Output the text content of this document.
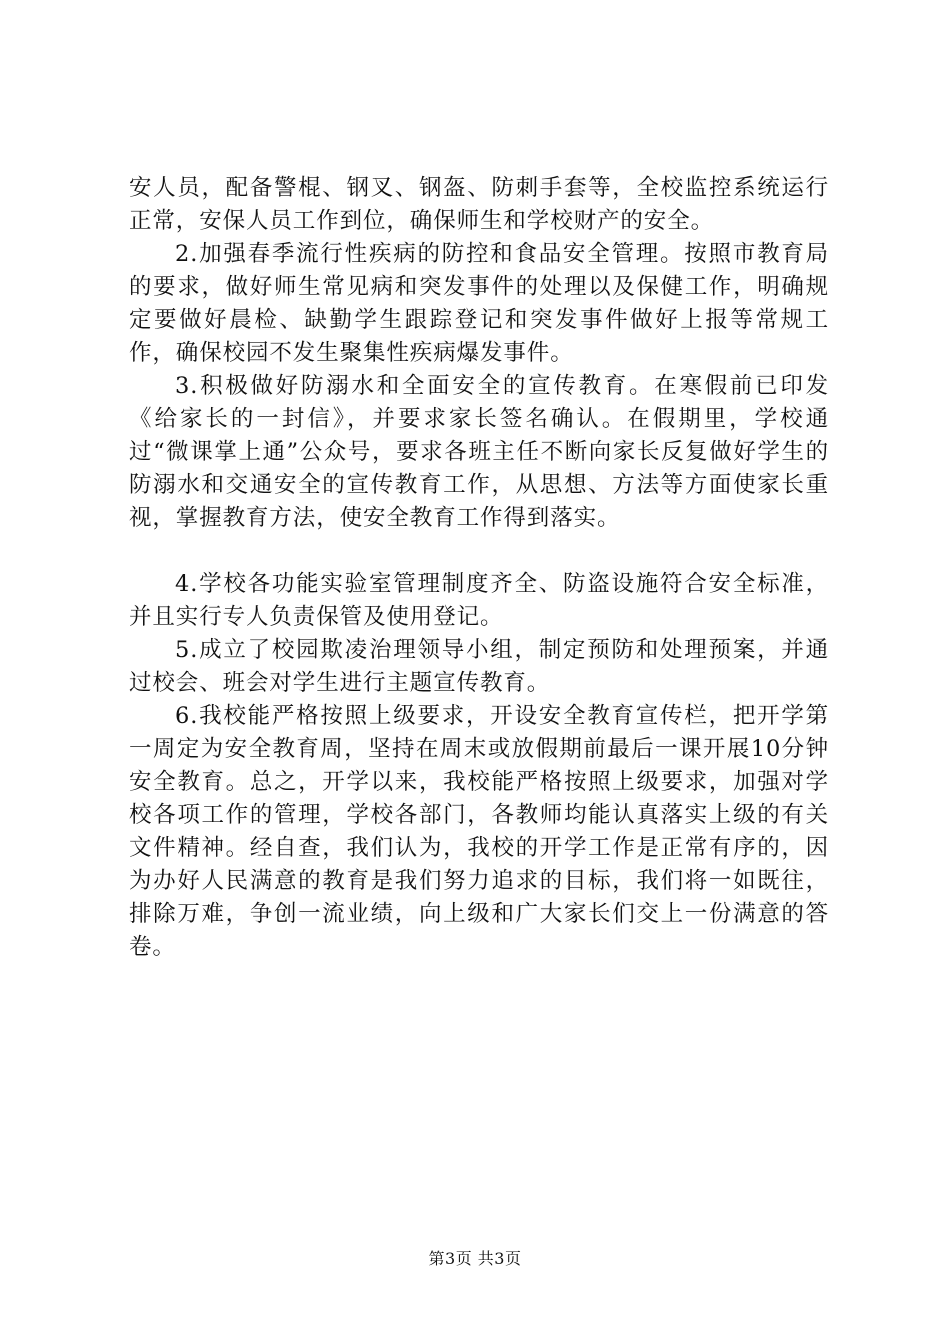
安人员，配备警棍、钢叉、钢盔、防刺手套等，全校监控系统运行正常，安保人员工作到位，确保师生和学校财产的安全。

2.加强春季流行性疾病的防控和食品安全管理。按照市教育局的要求，做好师生常见病和突发事件的处理以及保健工作，明确规定要做好晨检、缺勤学生跟踪登记和突发事件做好上报等常规工作，确保校园不发生聚集性疾病爆发事件。

3.积极做好防溺水和全面安全的宣传教育。在寒假前已印发《给家长的一封信》，并要求家长签名确认。在假期里，学校通过“微课掌上通”公众号，要求各班主任不断向家长反复做好学生的防溺水和交通安全的宣传教育工作，从思想、方法等方面使家长重视，掌握教育方法，使安全教育工作得到落实。

4.学校各功能实验室管理制度齐全、防盗设施符合安全标准，并且实行专人负责保管及使用登记。

5.成立了校园欺凌治理领导小组，制定预防和处理预案，并通过校会、班会对学生进行主题宣传教育。

6.我校能严格按照上级要求，开设安全教育宣传栏，把开学第一周定为安全教育周，坚持在周末或放假期前最后一课开展10分钟安全教育。总之，开学以来，我校能严格按照上级要求，加强对学校各项工作的管理，学校各部门，各教师均能认真落实上级的有关文件精神。经自查，我们认为，我校的开学工作是正常有序的，因为办好人民满意的教育是我们努力追求的目标，我们将一如既往，排除万难，争创一流业绩，向上级和广大家长们交上一份满意的答卷。

第3页 共3页
